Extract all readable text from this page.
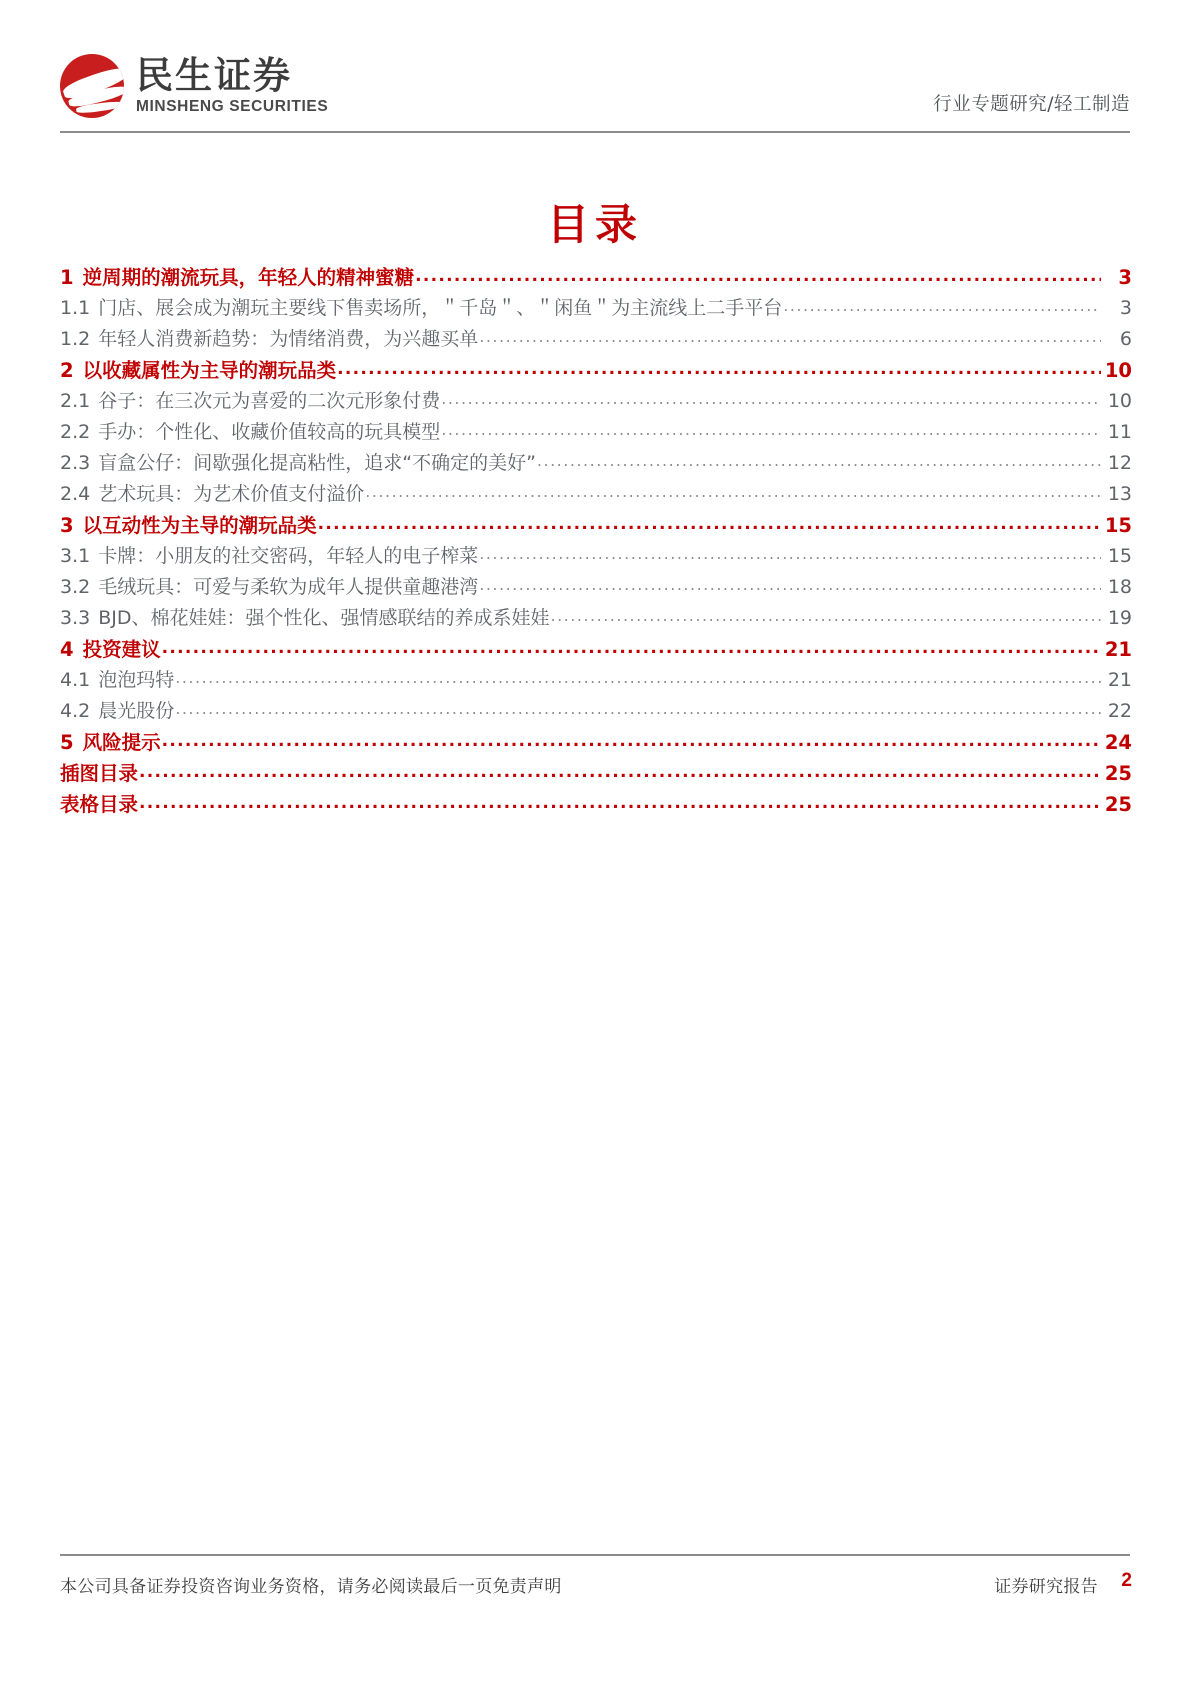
民生证券
MINSHENG SECURITIES	行业专题研究/轻工制造
目录
1 逆周期的潮流玩具，年轻人的精神蜜糖 .....	3
1.1 门店、展会成为潮玩主要线下售卖场所，＂千岛＂、＂闲鱼＂为主流线上二手平台 .....	3
1.2 年轻人消费新趋势：为情绪消费，为兴趣买单 .....	6
2 以收藏属性为主导的潮玩品类 .....	10
2.1 谷子：在三次元为喜爱的二次元形象付费 .....	10
2.2 手办：个性化、收藏价值较高的玩具模型 .....	11
2.3 盲盒公仔：间歇强化提高粘性，追求“不确定的美好” .....	12
2.4 艺术玩具：为艺术价值支付溢价 .....	13
3 以互动性为主导的潮玩品类 .....	15
3.1 卡牌：小朋友的社交密码，年轻人的电子榨菜 .....	15
3.2 毛绒玩具：可爱与柔软为成年人提供童趣港湾 .....	18
3.3 BJD、棉花娃娃：强个性化、强情感联结的养成系娃娃 .....	19
4 投资建议 .....	21
4.1 泡泡玛特 .....	21
4.2 晨光股份 .....	22
5 风险提示 .....	24
插图目录 .....	25
表格目录 .....	25
本公司具备证券投资咨询业务资格，请务必阅读最后一页免责声明	证券研究报告 2
